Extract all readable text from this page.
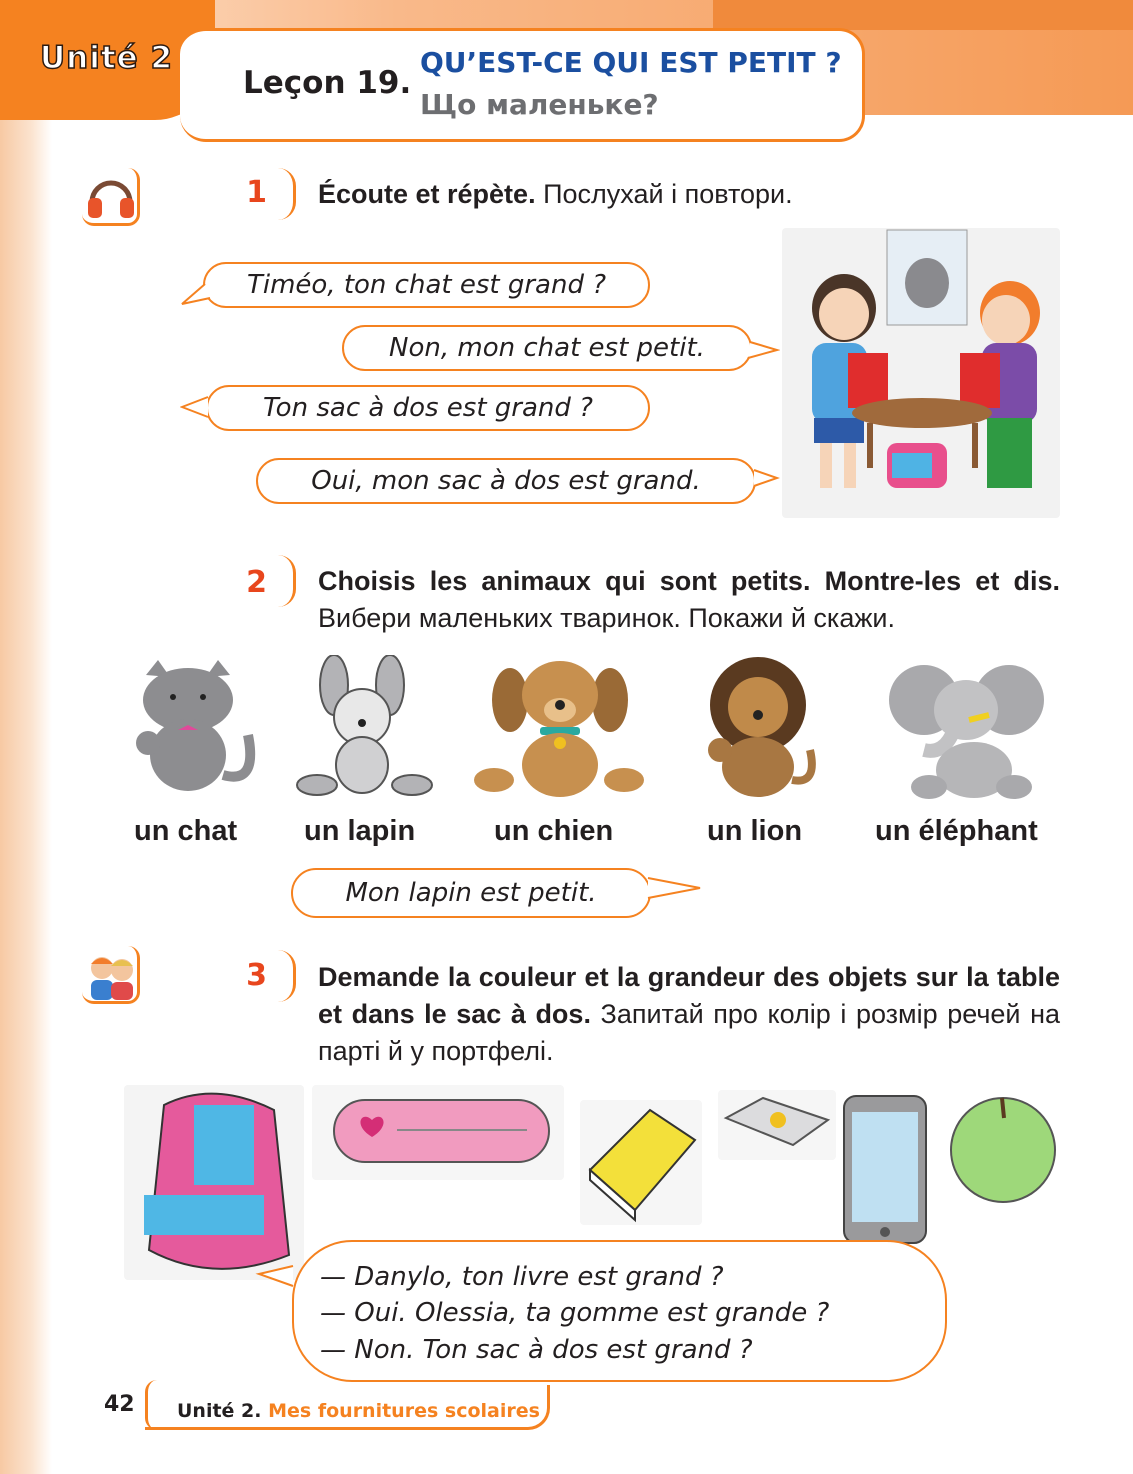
Unité 2
Leçon 19.
QU’EST-CE QUI EST PETIT ?
Що маленьке?
1 Écoute et répète. Послухай і повтори.
Timéo, ton chat est grand ?
Non, mon chat est petit.
Ton sac à dos est grand ?
Oui, mon sac à dos est grand.
2 Choisis les animaux qui sont petits. Montre-les et dis. Вибери маленьких тваринок. Покажи й скажи.
un chat un lapin	un chien	un lion	un éléphant
Mon lapin est petit.
3 Demande la couleur et la grandeur des objets sur la table et dans le sac à dos. Запитай про колір і розмір речей на парті й у портфелі.
— Danylo, ton livre est grand ?
— Oui. Olessia, ta gomme est grande ?
— Non. Ton sac à dos est grand ?
42 Unité 2. Mes fournitures scolaires
